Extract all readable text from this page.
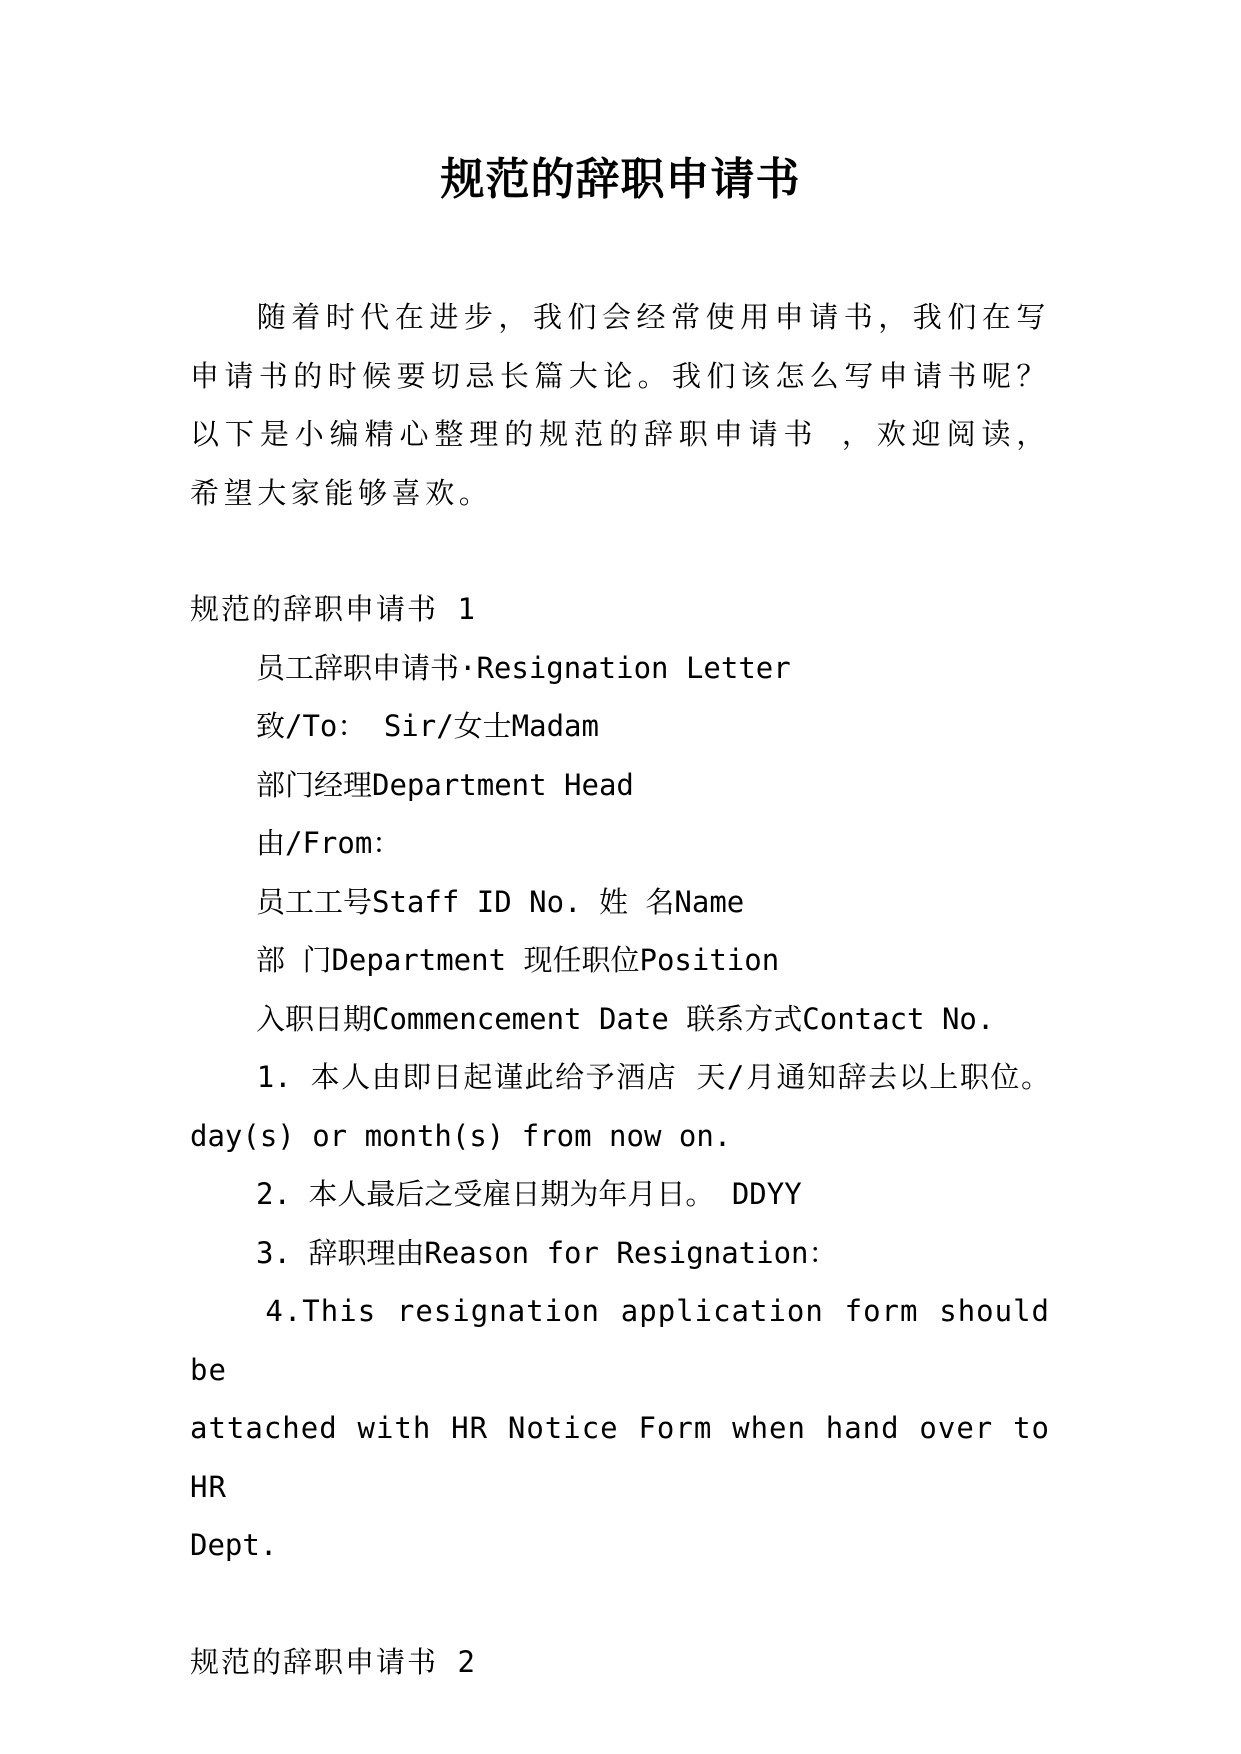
规范的辞职申请书

随着时代在进步，我们会经常使用申请书，我们在写申请书的时候要切忌长篇大论。我们该怎么写申请书呢？以下是小编精心整理的规范的辞职申请书 ，欢迎阅读，希望大家能够喜欢。

规范的辞职申请书 1

员工辞职申请书·Resignation Letter

致/To： Sir/女士Madam

部门经理Department Head

由/From：

员工工号Staff ID No. 姓 名Name

部 门Department 现任职位Position

入职日期Commencement Date 联系方式Contact No.

1. 本人由即日起谨此给予酒店 天/月通知辞去以上职位。 day(s) or month(s) from now on.

2. 本人最后之受雇日期为年月日。 DDYY

3. 辞职理由Reason for Resignation：

4.This resignation application form should be

attached with HR Notice Form when hand over to HR

Dept.

规范的辞职申请书 2
